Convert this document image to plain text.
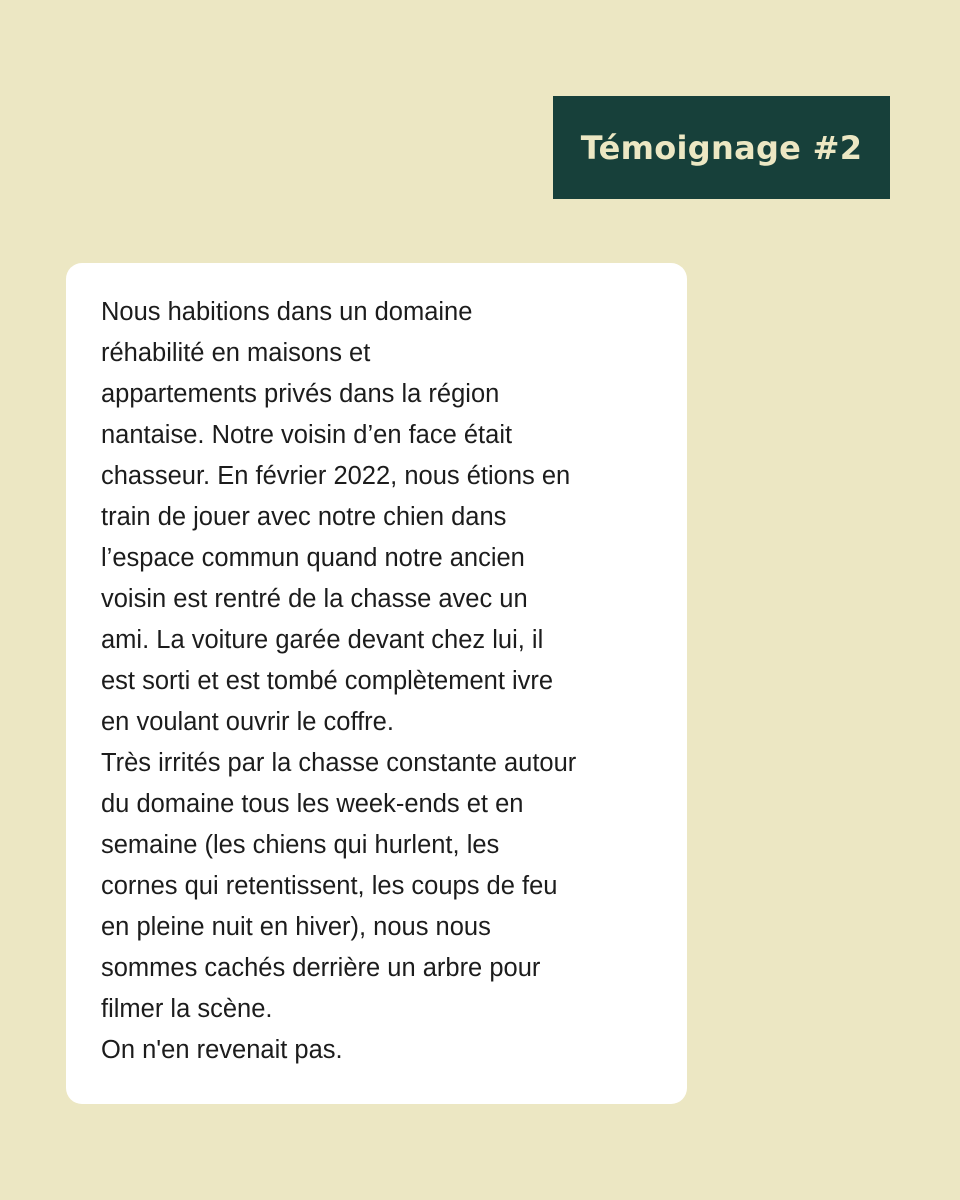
Témoignage #2
Nous habitions dans un domaine
réhabilité en maisons et
appartements privés dans la région
nantaise. Notre voisin d’en face était
chasseur. En février 2022, nous étions en
train de jouer avec notre chien dans
l’espace commun quand notre ancien
voisin est rentré de la chasse avec un
ami. La voiture garée devant chez lui, il
est sorti et est tombé complètement ivre
en voulant ouvrir le coffre.
Très irrités par la chasse constante autour
du domaine tous les week-ends et en
semaine (les chiens qui hurlent, les
cornes qui retentissent, les coups de feu
en pleine nuit en hiver), nous nous
sommes cachés derrière un arbre pour
filmer la scène.
On n'en revenait pas.
